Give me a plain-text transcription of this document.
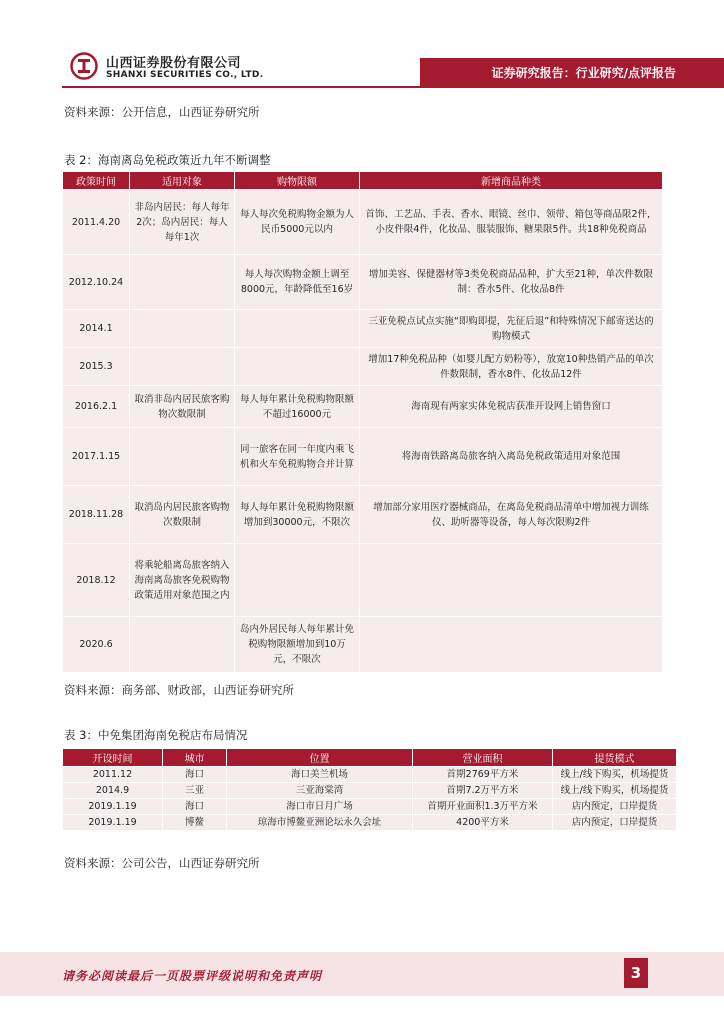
山西证券股份有限公司
SHANXI SECURITIES CO., LTD.	证券研究报告：行业研究/点评报告
资料来源：公开信息，山西证券研究所
表 2：海南离岛免税政策近九年不断调整
政策时间	适用对象	购物限额	新增商品种类
2011.4.20	非岛内居民：每人每年2次；岛内居民：每人每年1次	每人每次免税购物金额为人民币5000元以内	首饰、工艺品、手表、香水、眼镜、丝巾、领带、箱包等商品限2件，小皮件限4件，化妆品、服装服饰、糖果限5件。共18种免税商品
2012.10.24		每人每次购物金额上调至8000元，年龄降低至16岁	增加美容、保健器材等3类免税商品品种，扩大至21种，单次件数限制：香水5件、化妆品8件
2014.1			三亚免税点试点实施“即购即提，先征后退”和特殊情况下邮寄送达的购物模式
2015.3			增加17种免税品种（如婴儿配方奶粉等），放宽10种热销产品的单次件数限制，香水8件、化妆品12件
2016.2.1	取消非岛内居民旅客购物次数限制	每人每年累计免税购物限额不超过16000元	海南现有两家实体免税店获准开设网上销售窗口
2017.1.15		同一旅客在同一年度内乘飞机和火车免税购物合并计算	将海南铁路离岛旅客纳入离岛免税政策适用对象范围
2018.11.28	取消岛内居民旅客购物次数限制	每人每年累计免税购物限额增加到30000元，不限次	增加部分家用医疗器械商品，在离岛免税商品清单中增加视力训练仪、助听器等设备，每人每次限购2件
2018.12	将乘轮船离岛旅客纳入海南离岛旅客免税购物政策适用对象范围之内		
2020.6		岛内外居民每人每年累计免税购物限额增加到10万元，不限次	
资料来源：商务部、财政部，山西证券研究所
表 3：中免集团海南免税店布局情况
开设时间	城市	位置	营业面积	提货模式
2011.12	海口	海口美兰机场	首期2769平方米	线上/线下购买，机场提货
2014.9	三亚	三亚海棠湾	首期7.2万平方米	线上/线下购买，机场提货
2019.1.19	海口	海口市日月广场	首期开业面积1.3万平方米	店内预定，口岸提货
2019.1.19	博鳌	琼海市博鳌亚洲论坛永久会址	4200平方米	店内预定，口岸提货
资料来源：公司公告，山西证券研究所
请务必阅读最后一页股票评级说明和免责声明	3
